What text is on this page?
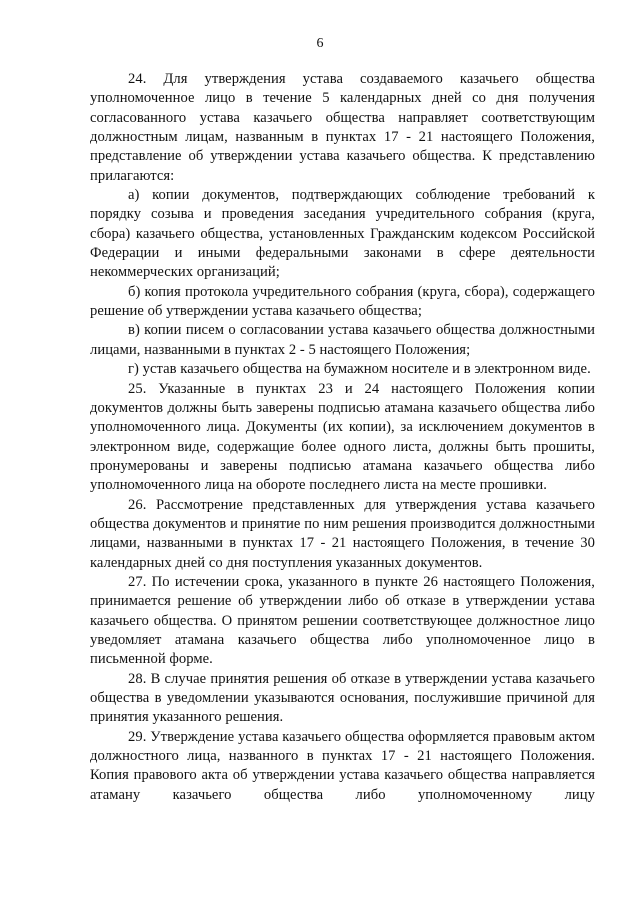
6

24. Для утверждения устава создаваемого казачьего общества уполномоченное лицо в течение 5 календарных дней со дня получения согласованного устава казачьего общества направляет соответствующим должностным лицам, названным в пунктах 17 - 21 настоящего Положения, представление об утверждении устава казачьего общества. К представлению прилагаются:

а) копии документов, подтверждающих соблюдение требований к порядку созыва и проведения заседания учредительного собрания (круга, сбора) казачьего общества, установленных Гражданским кодексом Российской Федерации и иными федеральными законами в сфере деятельности некоммерческих организаций;

б) копия протокола учредительного собрания (круга, сбора), содержащего решение об утверждении устава казачьего общества;

в) копии писем о согласовании устава казачьего общества должностными лицами, названными в пунктах 2 - 5 настоящего Положения;

г) устав казачьего общества на бумажном носителе и в электронном виде.

25. Указанные в пунктах 23 и 24 настоящего Положения копии документов должны быть заверены подписью атамана казачьего общества либо уполномоченного лица. Документы (их копии), за исключением документов в электронном виде, содержащие более одного листа, должны быть прошиты, пронумерованы и заверены подписью атамана казачьего общества либо уполномоченного лица на обороте последнего листа на месте прошивки.

26. Рассмотрение представленных для утверждения устава казачьего общества документов и принятие по ним решения производится должностными лицами, названными в пунктах 17 - 21 настоящего Положения, в течение 30 календарных дней со дня поступления указанных документов.

27. По истечении срока, указанного в пункте 26 настоящего Положения, принимается решение об утверждении либо об отказе в утверждении устава казачьего общества. О принятом решении соответствующее должностное лицо уведомляет атамана казачьего общества либо уполномоченное лицо в письменной форме.

28. В случае принятия решения об отказе в утверждении устава казачьего общества в уведомлении указываются основания, послужившие причиной для принятия указанного решения.

29. Утверждение устава казачьего общества оформляется правовым актом должностного лица, названного в пунктах 17 - 21 настоящего Положения. Копия правового акта об утверждении устава казачьего общества направляется атаману казачьего общества либо уполномоченному лицу
